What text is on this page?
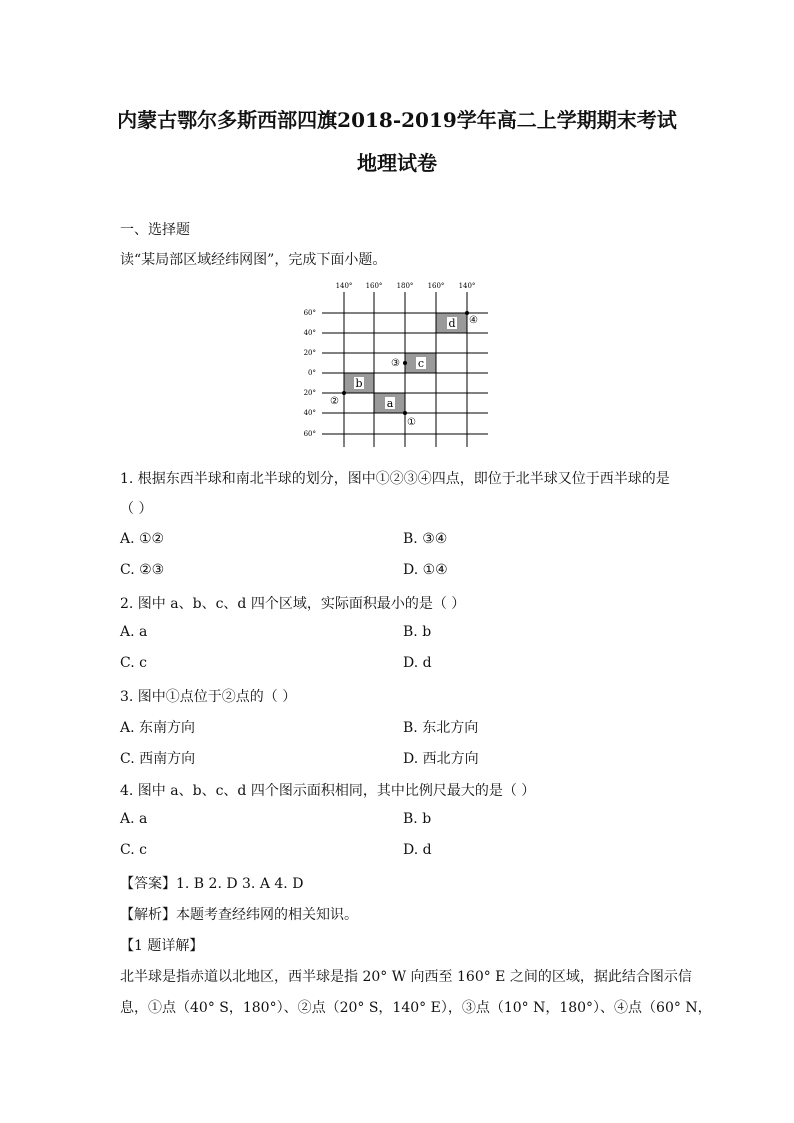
内蒙古鄂尔多斯西部四旗2018-2019学年高二上学期期末考试
地理试卷
一、选择题
读“某局部区域经纬网图”，完成下面小题。
d
c
b
a
140° 160° 180° 160° 140°
60°
40°
20°
0°
20°
40°
60°
①
②
③
④
1. 根据东西半球和南北半球的划分，图中①②③④四点，即位于北半球又位于西半球的是
（ ）
A. ①②	B. ③④
C. ②③	D. ①④
2. 图中 a、b、c、d 四个区域，实际面积最小的是（ ）
A. a	B. b
C. c	D. d
3. 图中①点位于②点的（ ）
A. 东南方向	B. 东北方向
C. 西南方向	D. 西北方向
4. 图中 a、b、c、d 四个图示面积相同，其中比例尺最大的是（ ）
A. a	B. b
C. c	D. d
【答案】1. B 2. D 3. A 4. D
【解析】本题考查经纬网的相关知识。
【1 题详解】
北半球是指赤道以北地区，西半球是指 20° W 向西至 160° E 之间的区域，据此结合图示信
息，①点（40° S，180°）、②点（20° S，140° E），③点（10° N，180°）、④点（60° N，
